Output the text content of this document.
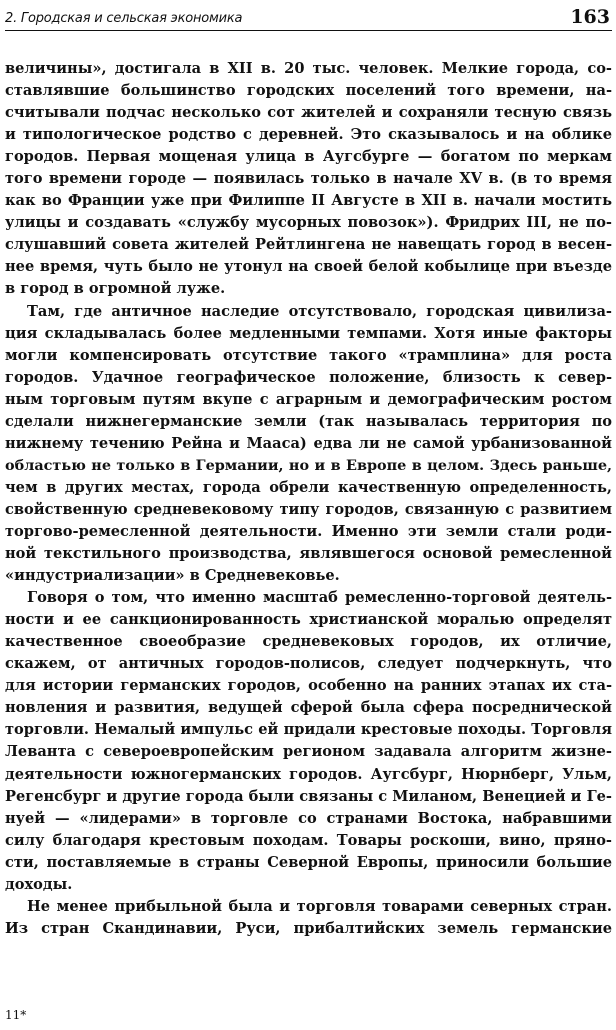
2. Городская и сельская экономика	163
величины», достигала в XII в. 20 тыс. человек. Мелкие города, со-
ставлявшие большинство городских поселений того времени, на-
считывали подчас несколько сот жителей и сохраняли тесную связь
и типологическое родство с деревней. Это сказывалось и на облике
городов. Первая мощеная улица в Аугсбурге — богатом по меркам
того времени городе — появилась только в начале XV в. (в то время
как во Франции уже при Филиппе II Августе в XII в. начали мостить
улицы и создавать «службу мусорных повозок»). Фридрих III, не по-
слушавший совета жителей Рейтлингена не навещать город в весен-
нее время, чуть было не утонул на своей белой кобылице при въезде
в город в огромной луже.
Там, где античное наследие отсутствовало, городская цивилиза-
ция складывалась более медленными темпами. Хотя иные факторы
могли компенсировать отсутствие такого «трамплина» для роста
городов. Удачное географическое положение, близость к север-
ным торговым путям вкупе с аграрным и демографическим ростом
сделали нижнегерманские земли (так называлась территория по
нижнему течению Рейна и Мааса) едва ли не самой урбанизованной
областью не только в Германии, но и в Европе в целом. Здесь раньше,
чем в других местах, города обрели качественную определенность,
свойственную средневековому типу городов, связанную с развитием
торгово-ремесленной деятельности. Именно эти земли стали роди-
ной текстильного производства, являвшегося основой ремесленной
«индустриализации» в Средневековье.
Говоря о том, что именно масштаб ремесленно-торговой деятель-
ности и ее санкционированность христианской моралью определят
качественное своеобразие средневековых городов, их отличие,
скажем, от античных городов-полисов, следует подчеркнуть, что
для истории германских городов, особенно на ранних этапах их ста-
новления и развития, ведущей сферой была сфера посреднической
торговли. Немалый импульс ей придали крестовые походы. Торговля
Леванта с североевропейским регионом задавала алгоритм жизне-
деятельности южногерманских городов. Аугсбург, Нюрнберг, Ульм,
Регенсбург и другие города были связаны с Миланом, Венецией и Ге-
нуей — «лидерами» в торговле со странами Востока, набравшими
силу благодаря крестовым походам. Товары роскоши, вино, пряно-
сти, поставляемые в страны Северной Европы, приносили большие
доходы.
Не менее прибыльной была и торговля товарами северных стран.
Из стран Скандинавии, Руси, прибалтийских земель германские
11*
